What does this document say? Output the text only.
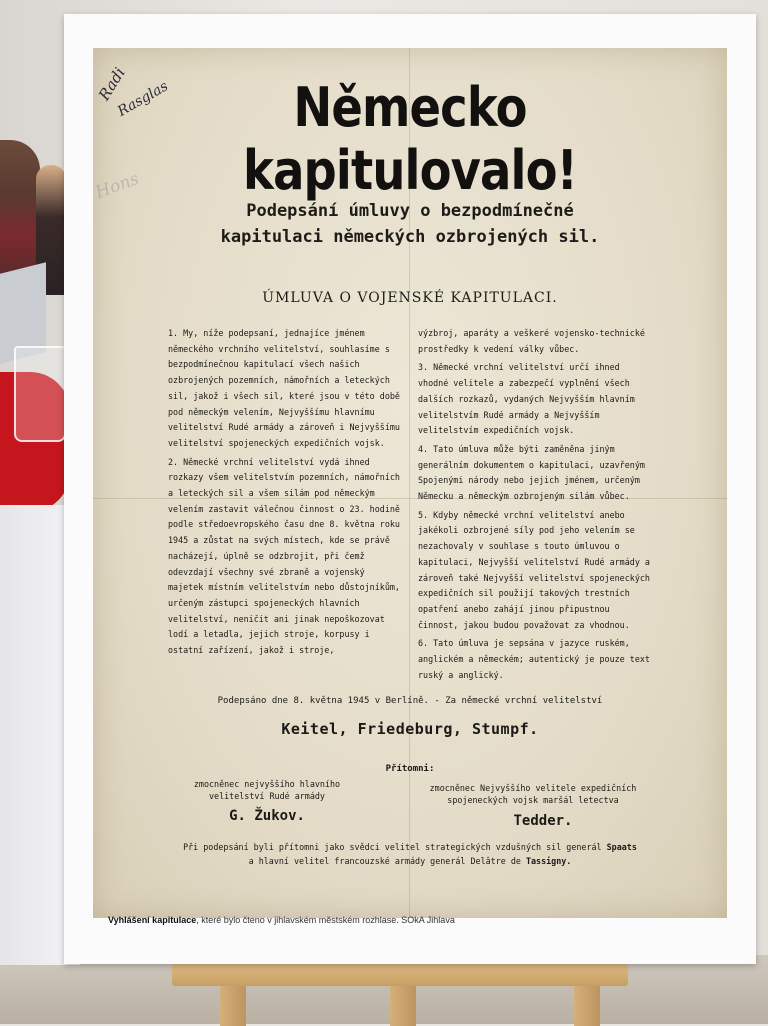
Radi
Rasglas
Hons
Německo kapitulovalo!
Podepsání úmluvy o bezpodmínečné
kapitulaci německých ozbrojených sil.
ÚMLUVA O VOJENSKÉ KAPITULACI.

1. My, níže podepsaní, jednajíce jménem německého vrchního velitelství, souhlasíme s bezpodmínečnou kapitulací všech našich ozbrojených pozemních, námořních a leteckých sil, jakož i všech sil, které jsou v této době pod německým velením, Nejvyššímu hlavnímu velitelství Rudé armády a zároveň i Nejvyššímu velitelství spojeneckých expedičních vojsk.

2. Německé vrchní velitelství vydá ihned rozkazy všem velitelstvím pozemních, námořních a leteckých sil a všem silám pod německým velením zastavit válečnou činnost o 23. hodině podle středoevropského času dne 8. května roku 1945 a zůstat na svých místech, kde se právě nacházejí, úplně se odzbrojit, při čemž odevzdají všechny své zbraně a vojenský majetek místním velitelstvím nebo důstojníkům, určeným zástupci spojeneckých hlavních velitelství, neničit ani jinak nepoškozovat lodí a letadla, jejich stroje, korpusy i ostatní zařízení, jakož i stroje,

výzbroj, aparáty a veškeré vojensko-technické prostředky k vedení války vůbec.

3. Německé vrchní velitelství určí ihned vhodné velitele a zabezpečí vyplnění všech dalších rozkazů, vydaných Nejvyšším hlavním velitelstvím Rudé armády a Nejvyšším velitelstvím expedičních vojsk.

4. Tato úmluva může býti zaměněna jiným generálním dokumentem o kapitulaci, uzavřeným Spojenými národy nebo jejich jménem, určeným Německu a německým ozbrojeným silám vůbec.

5. Kdyby německé vrchní velitelství anebo jakékoli ozbrojené síly pod jeho velením se nezachovaly v souhlase s touto úmluvou o kapitulaci, Nejvyšší velitelství Rudé armády a zároveň také Nejvyšší velitelství spojeneckých expedičních sil použijí takových trestních opatření anebo zahájí jinou připustnou činnost, jakou budou považovat za vhodnou.

6. Tato úmluva je sepsána v jazyce ruském, anglickém a německém; autentický je pouze text ruský a anglický.

Podepsáno dne 8. května 1945 v Berlíně. - Za německé vrchní velitelství
Keitel, Friedeburg, Stumpf.
Přítomni:
zmocněnec nejvyššího hlavního velitelství Rudé armády
zmocněnec Nejvyššího velitele expedičních spojeneckých vojsk maršál letectva
G. Žukov.	Tedder.
Při podepsání byli přítomni jako svědci velitel strategických vzdušných sil generál Spaats
a hlavní velitel francouzské armády generál Delâtre de Tassigny.
Vyhlášení kapitulace, které bylo čteno v jihlavském městském rozhlase. SOkA Jihlava
